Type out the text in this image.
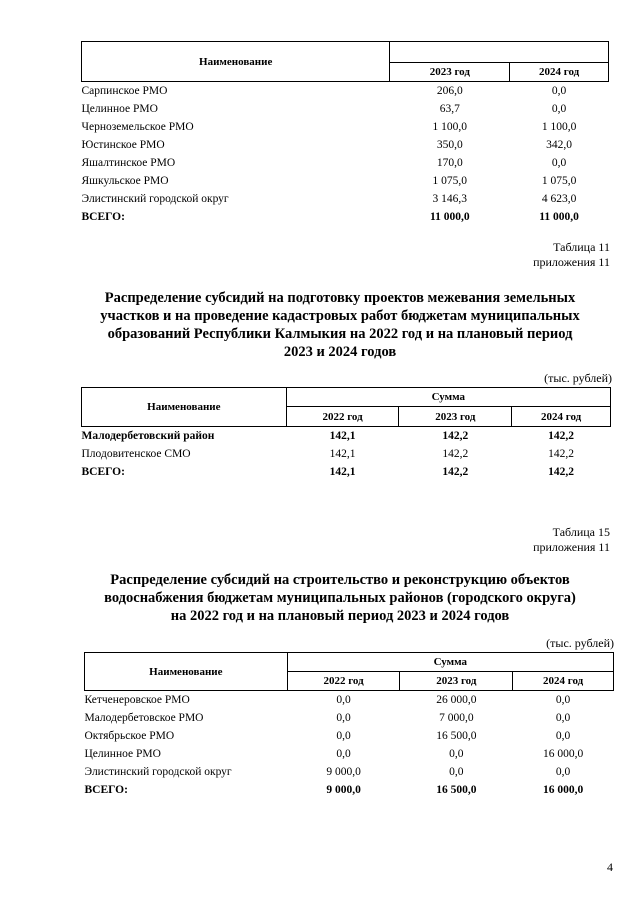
Наименование		
	2023 год	2024 год
Сарпинское РМО	206,0	0,0
Целинное РМО	63,7	0,0
Черноземельское РМО	1 100,0	1 100,0
Юстинское РМО	350,0	342,0
Яшалтинское РМО	170,0	0,0
Яшкульское РМО	1 075,0	1 075,0
Элистинский городской округ	3 146,3	4 623,0
ВСЕГО:	11 000,0	11 000,0
Таблица 11
приложения 11
Распределение субсидий на подготовку проектов межевания земельных
участков и на проведение кадастровых работ бюджетам муниципальных
образований Республики Калмыкия на 2022 год и на плановый период
2023 и 2024 годов
(тыс. рублей)
Наименование	Сумма		
	2022 год	2023 год	2024 год
Малодербетовский район	142,1	142,2	142,2
Плодовитенское СМО	142,1	142,2	142,2
ВСЕГО:	142,1	142,2	142,2
Таблица 15
приложения 11
Распределение субсидий на строительство и реконструкцию объектов
водоснабжения бюджетам муниципальных районов (городского округа)
на 2022 год и на плановый период 2023 и 2024 годов
(тыс. рублей)
Наименование	Сумма		
	2022 год	2023 год	2024 год
Кетченеровское РМО	0,0	26 000,0	0,0
Малодербетовское РМО	0,0	7 000,0	0,0
Октябрьское РМО	0,0	16 500,0	0,0
Целинное РМО	0,0	0,0	16 000,0
Элистинский городской округ	9 000,0	0,0	0,0
ВСЕГО:	9 000,0	16 500,0	16 000,0
4
